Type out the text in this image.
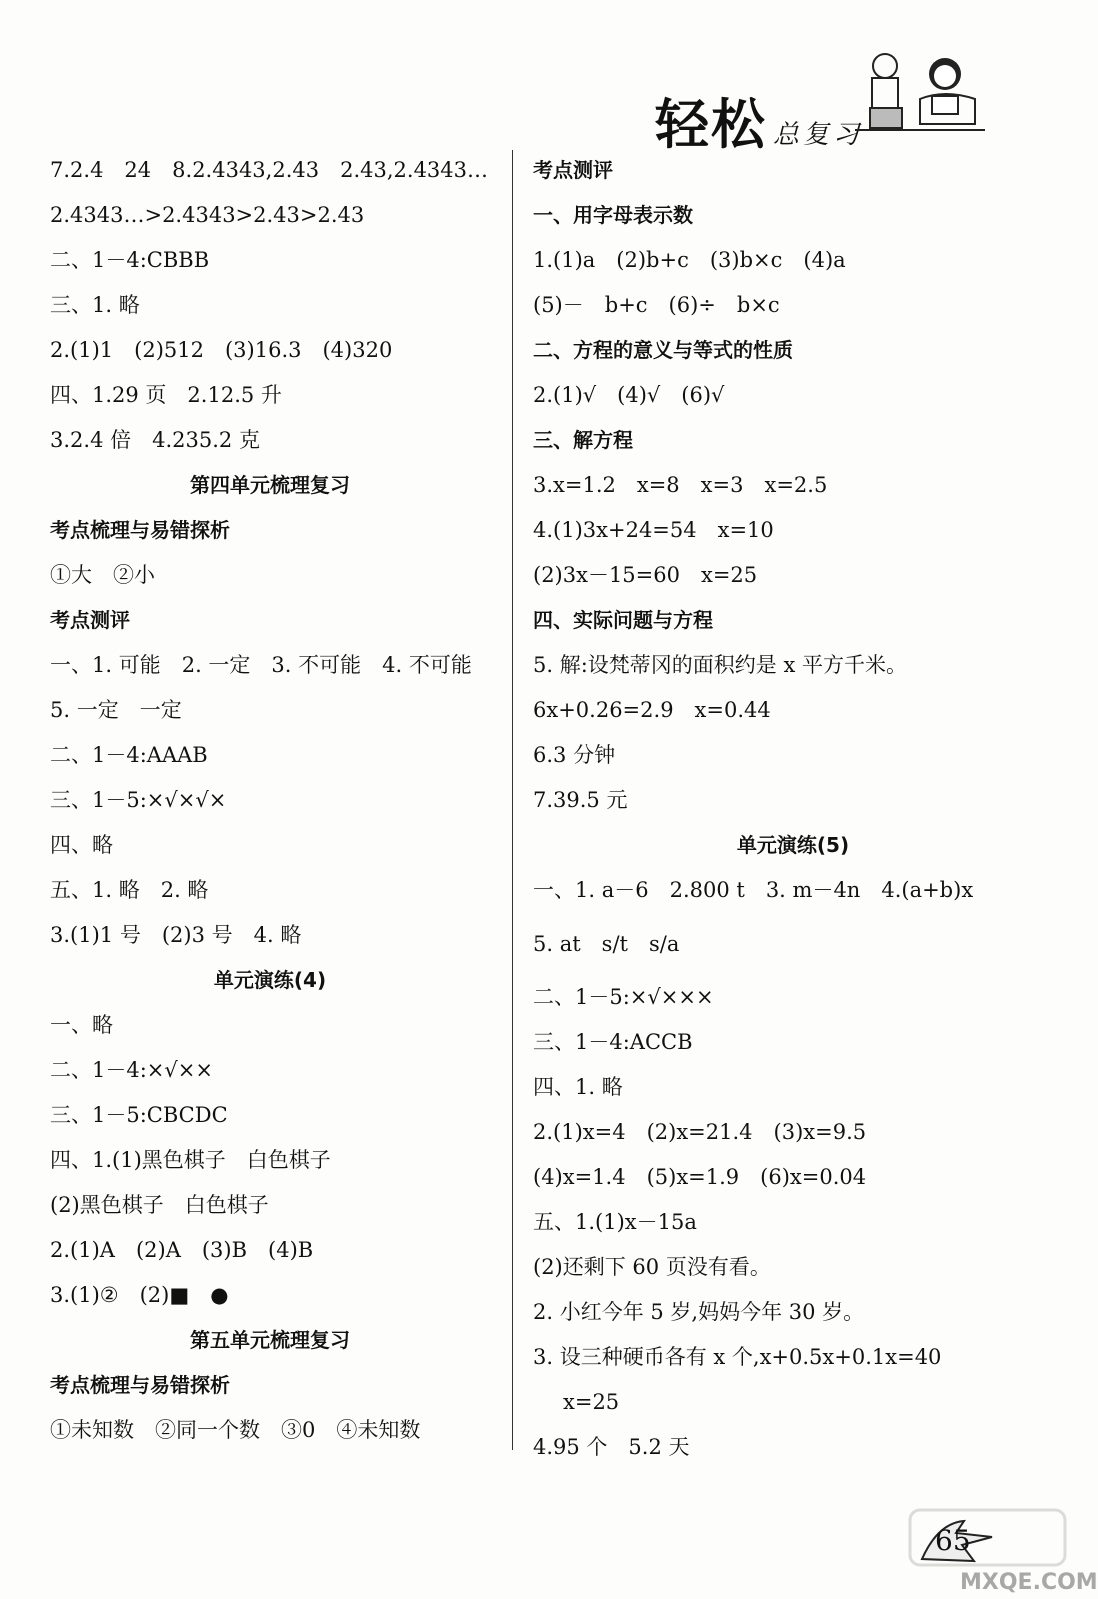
轻松 总复习
7.2.4　24　8.2.4343,2.43　2.43,2.4343…
2.4343…>2.4343>2.43>2.43
二、1－4:CBBB
三、1. 略
2.(1)1　(2)512　(3)16.3　(4)320
四、1.29 页　2.12.5 升
3.2.4 倍　4.235.2 克
第四单元梳理复习
考点梳理与易错探析
①大　②小
考点测评
一、1. 可能　2. 一定　3. 不可能　4. 不可能
5. 一定　一定
二、1－4:AAAB
三、1－5:×√×√×
四、略
五、1. 略　2. 略
3.(1)1 号　(2)3 号　4. 略
单元演练(4)
一、略
二、1－4:×√××
三、1－5:CBCDC
四、1.(1)黑色棋子　白色棋子
(2)黑色棋子　白色棋子
2.(1)A　(2)A　(3)B　(4)B
3.(1)②　(2)■　●
第五单元梳理复习
考点梳理与易错探析
①未知数　②同一个数　③0　④未知数
考点测评
一、用字母表示数
1.(1)a　(2)b+c　(3)b×c　(4)a
(5)－　b+c　(6)÷　b×c
二、方程的意义与等式的性质
2.(1)√　(4)√　(6)√
三、解方程
3.x=1.2　x=8　x=3　x=2.5
4.(1)3x+24=54　x=10
(2)3x－15=60　x=25
四、实际问题与方程
5. 解:设梵蒂冈的面积约是 x 平方千米。
6x+0.26=2.9　x=0.44
6.3 分钟
7.39.5 元
单元演练(5)
一、1. a－6　2.800 t　3. m－4n　4.(a+b)x
5. at　s/t　s/a
二、1－5:×√×××
三、1－4:ACCB
四、1. 略
2.(1)x=4　(2)x=21.4　(3)x=9.5
(4)x=1.4　(5)x=1.9　(6)x=0.04
五、1.(1)x－15a
(2)还剩下 60 页没有看。
2. 小红今年 5 岁,妈妈今年 30 岁。
3. 设三种硬币各有 x 个,x+0.5x+0.1x=40
x=25
4.95 个　5.2 天
65
MXQE.COM
